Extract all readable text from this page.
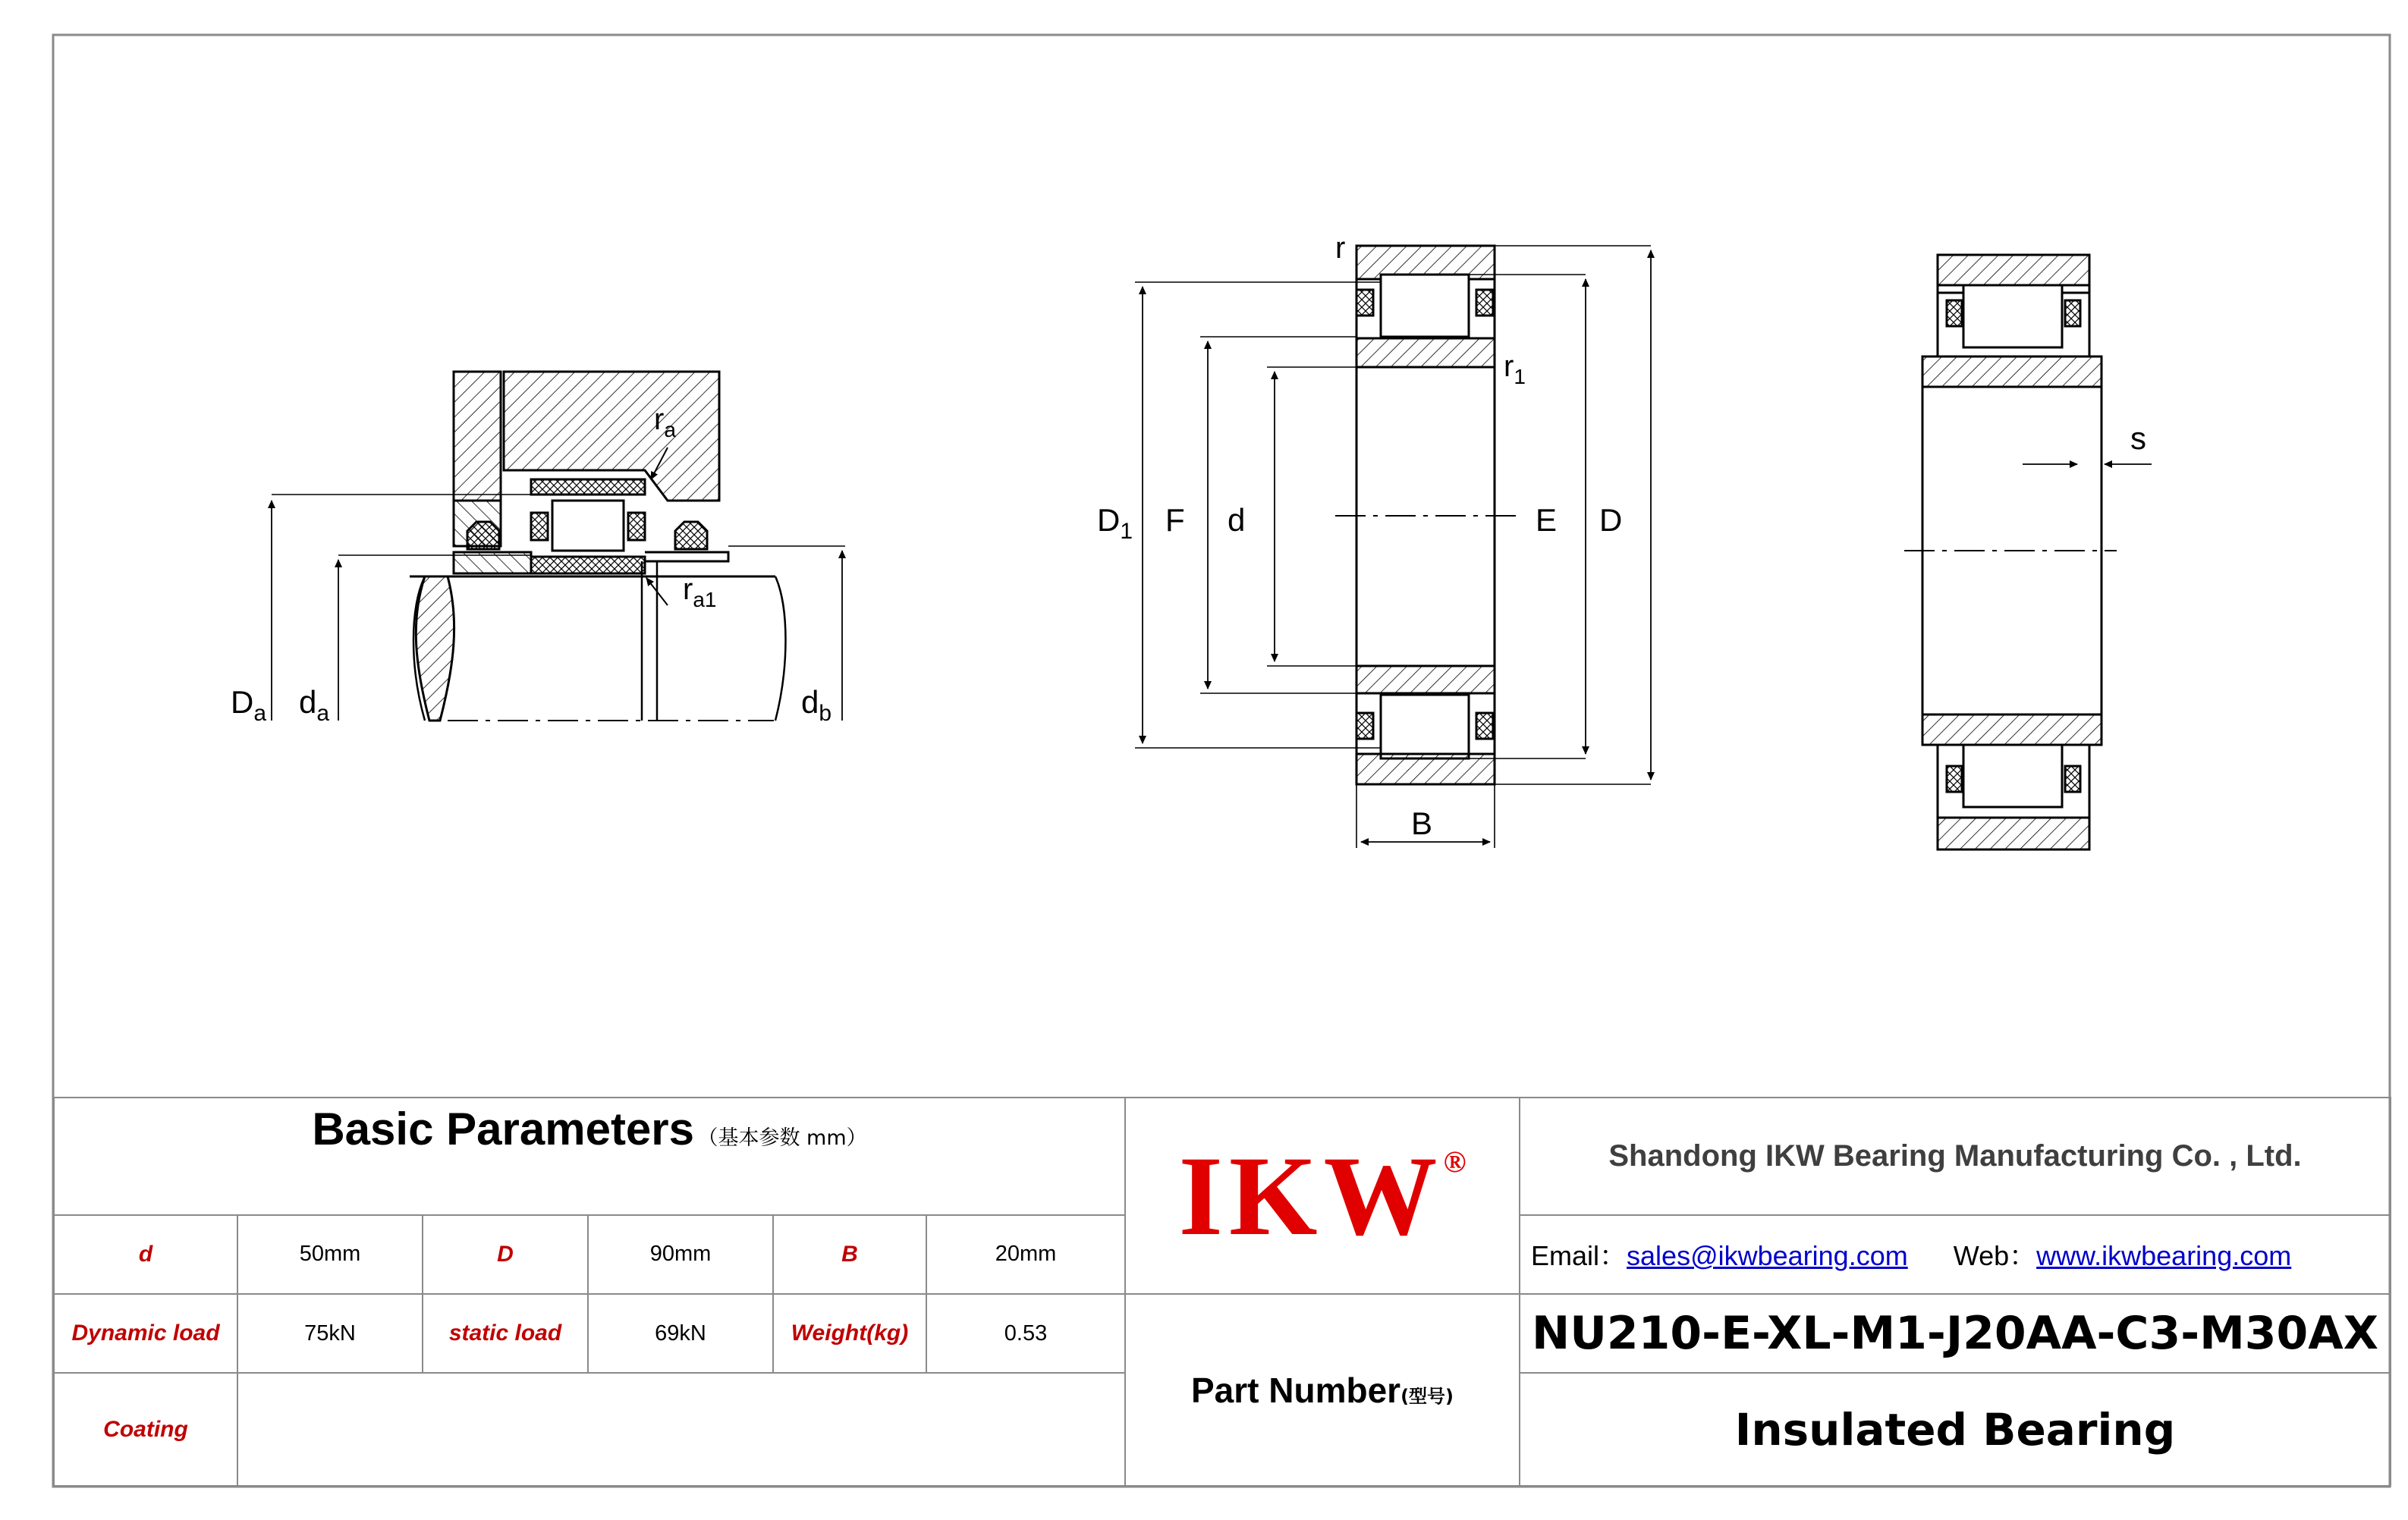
$r_a$
$r_{a1}$
$D_a$ $d_a$	$d_b$
r
$r_1$
$D_1$ F d	E D
B
s
Basic Parameters （基本参数 mm）						IKW®	Shandong IKW Bearing Manufacturing Co. , Ltd.
d	50mm	D	90mm	B	20mm		Email：sales@ikwbearing.com Web：www.ikwbearing.com
Dynamic load	75kN	static load	69kN	Weight(kg)	0.53	Part Number(型号)	NU210-E-XL-M1-J20AA-C3-M30AX
Coating							Insulated Bearing
